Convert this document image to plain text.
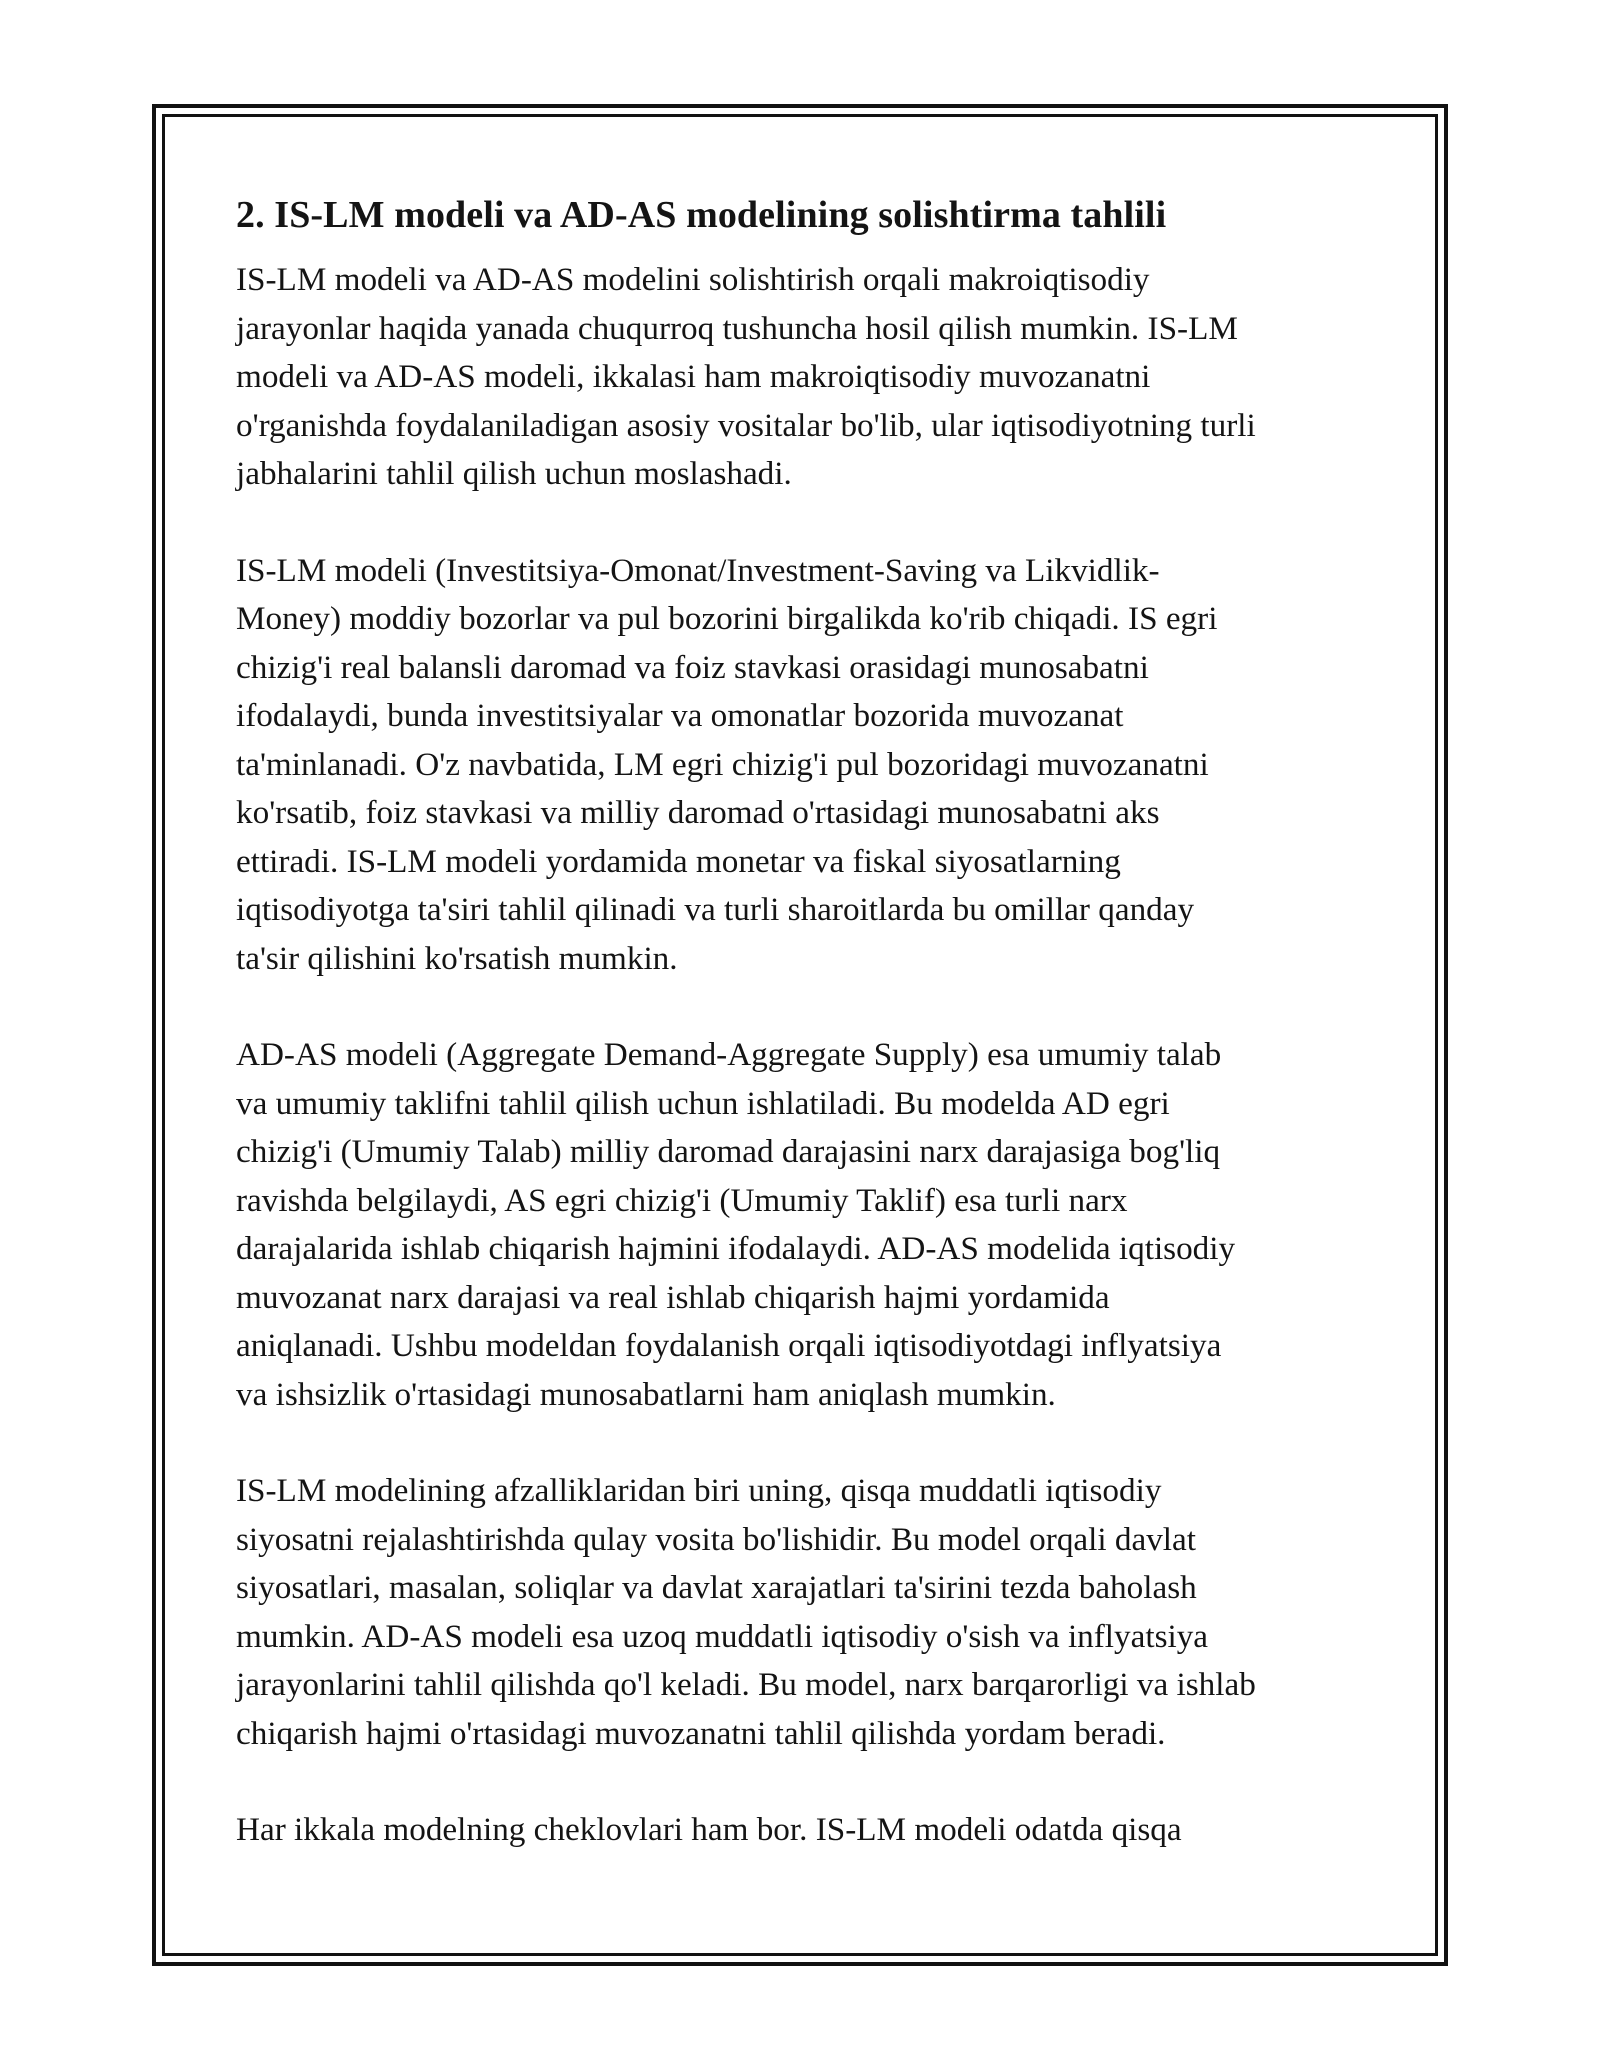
2. IS-LM modeli va AD-AS modelining solishtirma tahlili
IS-LM modeli va AD-AS modelini solishtirish orqali makroiqtisodiy
jarayonlar haqida yanada chuqurroq tushuncha hosil qilish mumkin. IS-LM
modeli va AD-AS modeli, ikkalasi ham makroiqtisodiy muvozanatni
o'rganishda foydalaniladigan asosiy vositalar bo'lib, ular iqtisodiyotning turli
jabhalarini tahlil qilish uchun moslashadi.
IS-LM modeli (Investitsiya-Omonat/Investment-Saving va Likvidlik-
Money) moddiy bozorlar va pul bozorini birgalikda ko'rib chiqadi. IS egri
chizig'i real balansli daromad va foiz stavkasi orasidagi munosabatni
ifodalaydi, bunda investitsiyalar va omonatlar bozorida muvozanat
ta'minlanadi. O'z navbatida, LM egri chizig'i pul bozoridagi muvozanatni
ko'rsatib, foiz stavkasi va milliy daromad o'rtasidagi munosabatni aks
ettiradi. IS-LM modeli yordamida monetar va fiskal siyosatlarning
iqtisodiyotga ta'siri tahlil qilinadi va turli sharoitlarda bu omillar qanday
ta'sir qilishini ko'rsatish mumkin.
AD-AS modeli (Aggregate Demand-Aggregate Supply) esa umumiy talab
va umumiy taklifni tahlil qilish uchun ishlatiladi. Bu modelda AD egri
chizig'i (Umumiy Talab) milliy daromad darajasini narx darajasiga bog'liq
ravishda belgilaydi, AS egri chizig'i (Umumiy Taklif) esa turli narx
darajalarida ishlab chiqarish hajmini ifodalaydi. AD-AS modelida iqtisodiy
muvozanat narx darajasi va real ishlab chiqarish hajmi yordamida
aniqlanadi. Ushbu modeldan foydalanish orqali iqtisodiyotdagi inflyatsiya
va ishsizlik o'rtasidagi munosabatlarni ham aniqlash mumkin.
IS-LM modelining afzalliklaridan biri uning, qisqa muddatli iqtisodiy
siyosatni rejalashtirishda qulay vosita bo'lishidir. Bu model orqali davlat
siyosatlari, masalan, soliqlar va davlat xarajatlari ta'sirini tezda baholash
mumkin. AD-AS modeli esa uzoq muddatli iqtisodiy o'sish va inflyatsiya
jarayonlarini tahlil qilishda qo'l keladi. Bu model, narx barqarorligi va ishlab
chiqarish hajmi o'rtasidagi muvozanatni tahlil qilishda yordam beradi.
Har ikkala modelning cheklovlari ham bor. IS-LM modeli odatda qisqa
